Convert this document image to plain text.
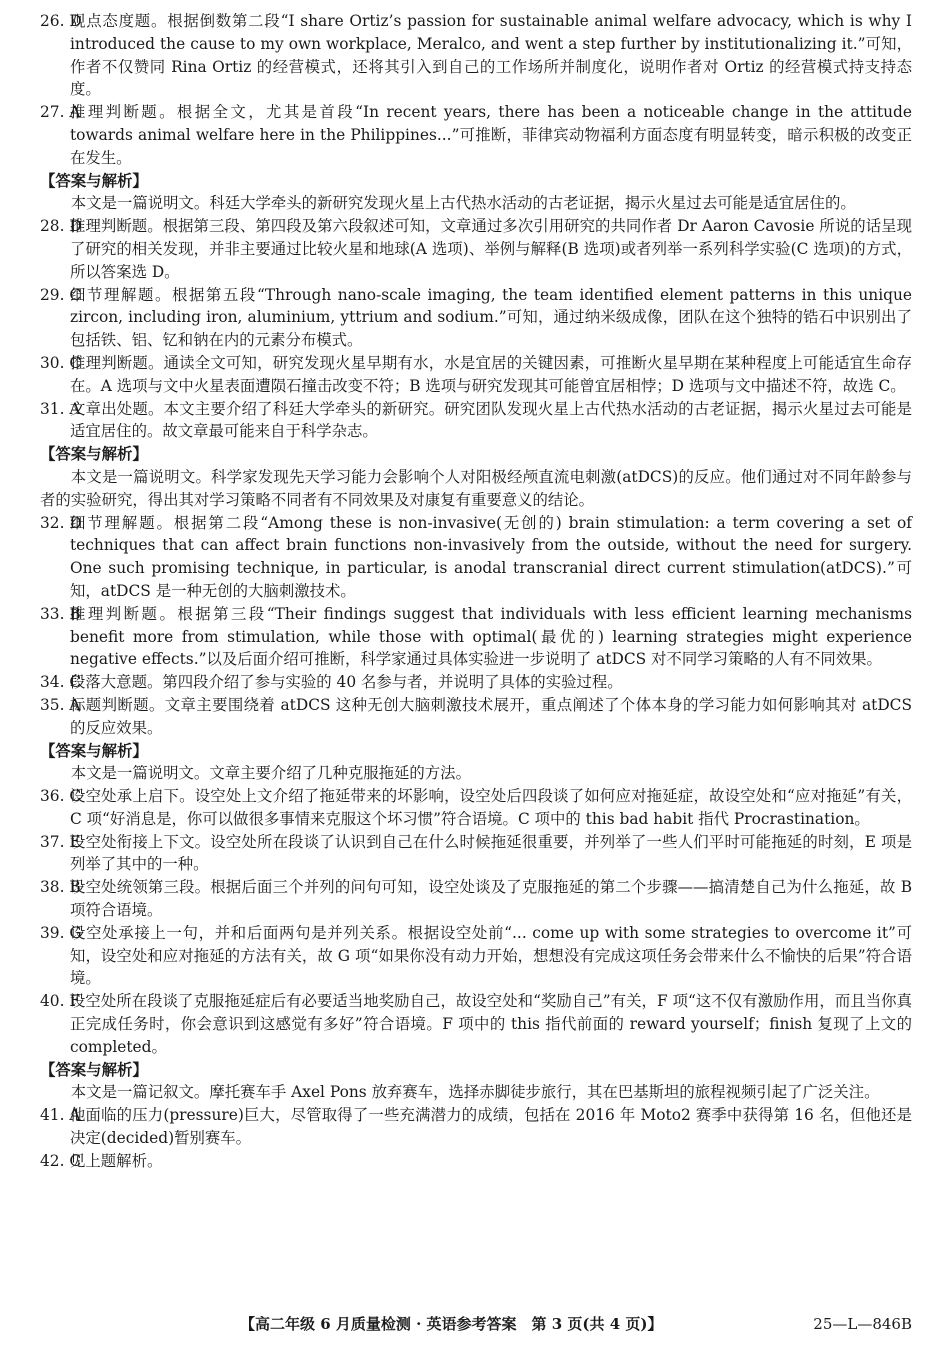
26. D
观点态度题。根据倒数第二段“I share Ortiz’s passion for sustainable animal welfare advocacy, which is why I introduced the cause to my own workplace, Meralco, and went a step further by institutionalizing it.”可知，作者不仅赞同 Rina Ortiz 的经营模式，还将其引入到自己的工作场所并制度化，说明作者对 Ortiz 的经营模式持支持态度。
27. A
推理判断题。根据全文，尤其是首段“In recent years, there has been a noticeable change in the attitude towards animal welfare here in the Philippines...”可推断，菲律宾动物福利方面态度有明显转变，暗示积极的改变正在发生。
【答案与解析】
本文是一篇说明文。科廷大学牵头的新研究发现火星上古代热水活动的古老证据，揭示火星过去可能是适宜居住的。
28. D
推理判断题。根据第三段、第四段及第六段叙述可知，文章通过多次引用研究的共同作者 Dr Aaron Cavosie 所说的话呈现了研究的相关发现，并非主要通过比较火星和地球(A 选项)、举例与解释(B 选项)或者列举一系列科学实验(C 选项)的方式，所以答案选 D。
29. C
细节理解题。根据第五段“Through nano-scale imaging, the team identified element patterns in this unique zircon, including iron, aluminium, yttrium and sodium.”可知，通过纳米级成像，团队在这个独特的锆石中识别出了包括铁、铝、钇和钠在内的元素分布模式。
30. C
推理判断题。通读全文可知，研究发现火星早期有水，水是宜居的关键因素，可推断火星早期在某种程度上可能适宜生命存在。A 选项与文中火星表面遭陨石撞击改变不符；B 选项与研究发现其可能曾宜居相悖；D 选项与文中描述不符，故选 C。
31. A
文章出处题。本文主要介绍了科廷大学牵头的新研究。研究团队发现火星上古代热水活动的古老证据，揭示火星过去可能是适宜居住的。故文章最可能来自于科学杂志。
【答案与解析】
本文是一篇说明文。科学家发现先天学习能力会影响个人对阳极经颅直流电刺激(atDCS)的反应。他们通过对不同年龄参与者的实验研究，得出其对学习策略不同者有不同效果及对康复有重要意义的结论。
32. D
细节理解题。根据第二段“Among these is non-invasive(无创的) brain stimulation: a term covering a set of techniques that can affect brain functions non-invasively from the outside, without the need for surgery. One such promising technique, in particular, is anodal transcranial direct current stimulation(atDCS).”可知，atDCS 是一种无创的大脑刺激技术。
33. B
推理判断题。根据第三段“Their findings suggest that individuals with less efficient learning mechanisms benefit more from stimulation, while those with optimal(最优的) learning strategies might experience negative effects.”以及后面介绍可推断，科学家通过具体实验进一步说明了 atDCS 对不同学习策略的人有不同效果。
34. C
段落大意题。第四段介绍了参与实验的 40 名参与者，并说明了具体的实验过程。
35. A
标题判断题。文章主要围绕着 atDCS 这种无创大脑刺激技术展开，重点阐述了个体本身的学习能力如何影响其对 atDCS 的反应效果。
【答案与解析】
本文是一篇说明文。文章主要介绍了几种克服拖延的方法。
36. C
设空处承上启下。设空处上文介绍了拖延带来的坏影响，设空处后四段谈了如何应对拖延症，故设空处和“应对拖延”有关，C 项“好消息是，你可以做很多事情来克服这个坏习惯”符合语境。C 项中的 this bad habit 指代 Procrastination。
37. E
设空处衔接上下文。设空处所在段谈了认识到自己在什么时候拖延很重要，并列举了一些人们平时可能拖延的时刻，E 项是列举了其中的一种。
38. B
设空处统领第三段。根据后面三个并列的问句可知，设空处谈及了克服拖延的第二个步骤——搞清楚自己为什么拖延，故 B 项符合语境。
39. G
设空处承接上一句，并和后面两句是并列关系。根据设空处前“... come up with some strategies to overcome it”可知，设空处和应对拖延的方法有关，故 G 项“如果你没有动力开始，想想没有完成这项任务会带来什么不愉快的后果”符合语境。
40. F
设空处所在段谈了克服拖延症后有必要适当地奖励自己，故设空处和“奖励自己”有关，F 项“这不仅有激励作用，而且当你真正完成任务时，你会意识到这感觉有多好”符合语境。F 项中的 this 指代前面的 reward yourself；finish 复现了上文的 completed。
【答案与解析】
本文是一篇记叙文。摩托赛车手 Axel Pons 放弃赛车，选择赤脚徒步旅行，其在巴基斯坦的旅程视频引起了广泛关注。
41. A
他面临的压力(pressure)巨大，尽管取得了一些充满潜力的成绩，包括在 2016 年 Moto2 赛季中获得第 16 名，但他还是决定(decided)暂别赛车。
42. C
见上题解析。
【高二年级 6 月质量检测 · 英语参考答案　第 3 页(共 4 页)】	25—L—846B
